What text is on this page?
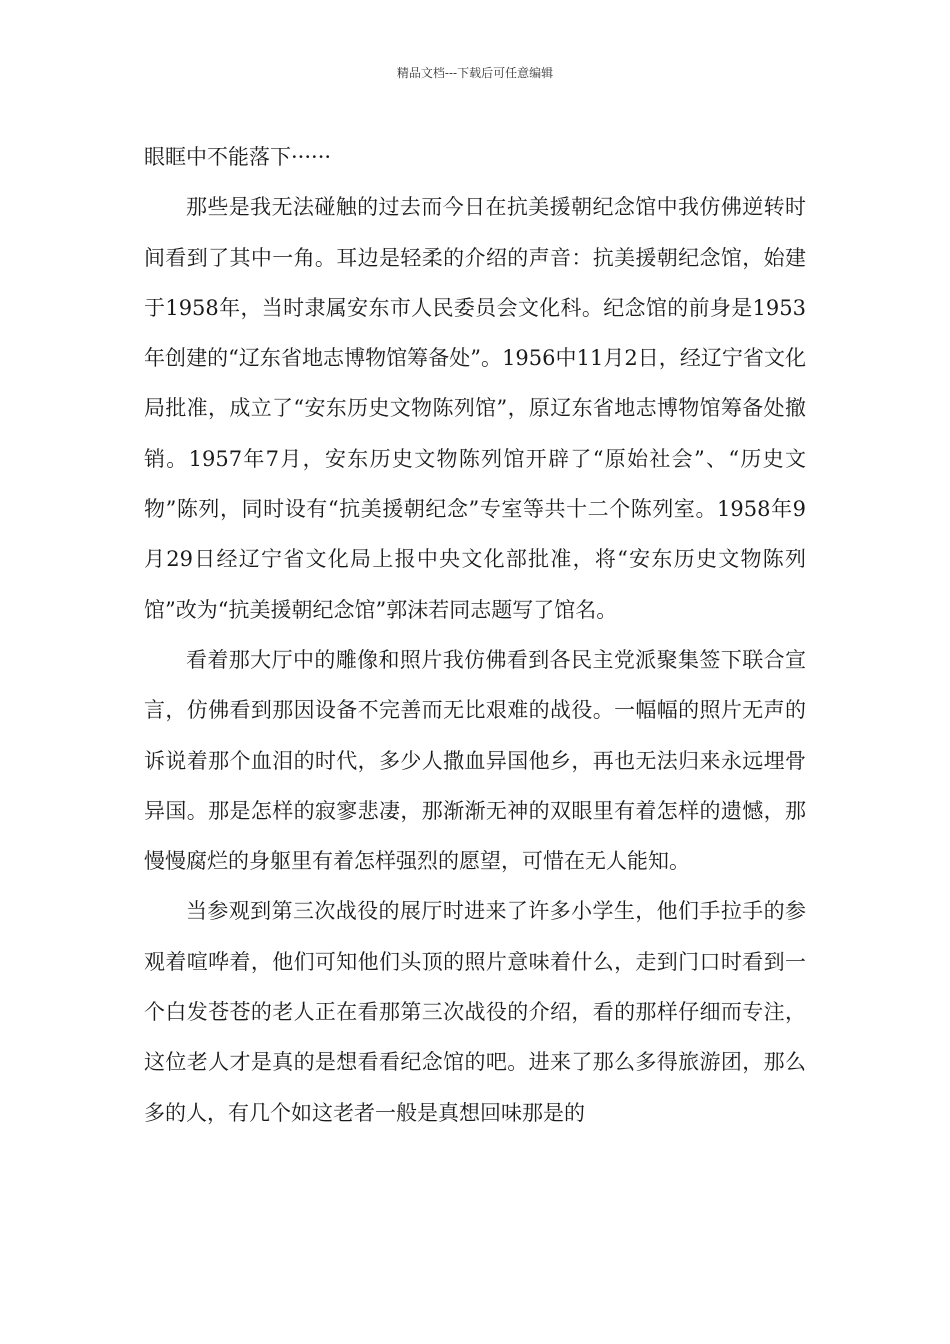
精品文档---下载后可任意编辑

眼眶中不能落下······

那些是我无法碰触的过去而今日在抗美援朝纪念馆中我仿佛逆转时间看到了其中一角。耳边是轻柔的介绍的声音：抗美援朝纪念馆，始建于1958年，当时隶属安东市人民委员会文化科。纪念馆的前身是1953年创建的“辽东省地志博物馆筹备处”。1956中11月2日，经辽宁省文化局批准，成立了“安东历史文物陈列馆”，原辽东省地志博物馆筹备处撤销。1957年7月，安东历史文物陈列馆开辟了“原始社会”、“历史文物”陈列，同时设有“抗美援朝纪念”专室等共十二个陈列室。1958年9月29日经辽宁省文化局上报中央文化部批准，将“安东历史文物陈列馆”改为“抗美援朝纪念馆”郭沫若同志题写了馆名。

看着那大厅中的雕像和照片我仿佛看到各民主党派聚集签下联合宣言，仿佛看到那因设备不完善而无比艰难的战役。一幅幅的照片无声的诉说着那个血泪的时代，多少人撒血异国他乡，再也无法归来永远埋骨异国。那是怎样的寂寥悲凄，那渐渐无神的双眼里有着怎样的遗憾，那慢慢腐烂的身躯里有着怎样强烈的愿望，可惜在无人能知。

当参观到第三次战役的展厅时进来了许多小学生，他们手拉手的参观着喧哗着，他们可知他们头顶的照片意味着什么，走到门口时看到一个白发苍苍的老人正在看那第三次战役的介绍，看的那样仔细而专注，这位老人才是真的是想看看纪念馆的吧。进来了那么多得旅游团，那么多的人，有几个如这老者一般是真想回味那是的
